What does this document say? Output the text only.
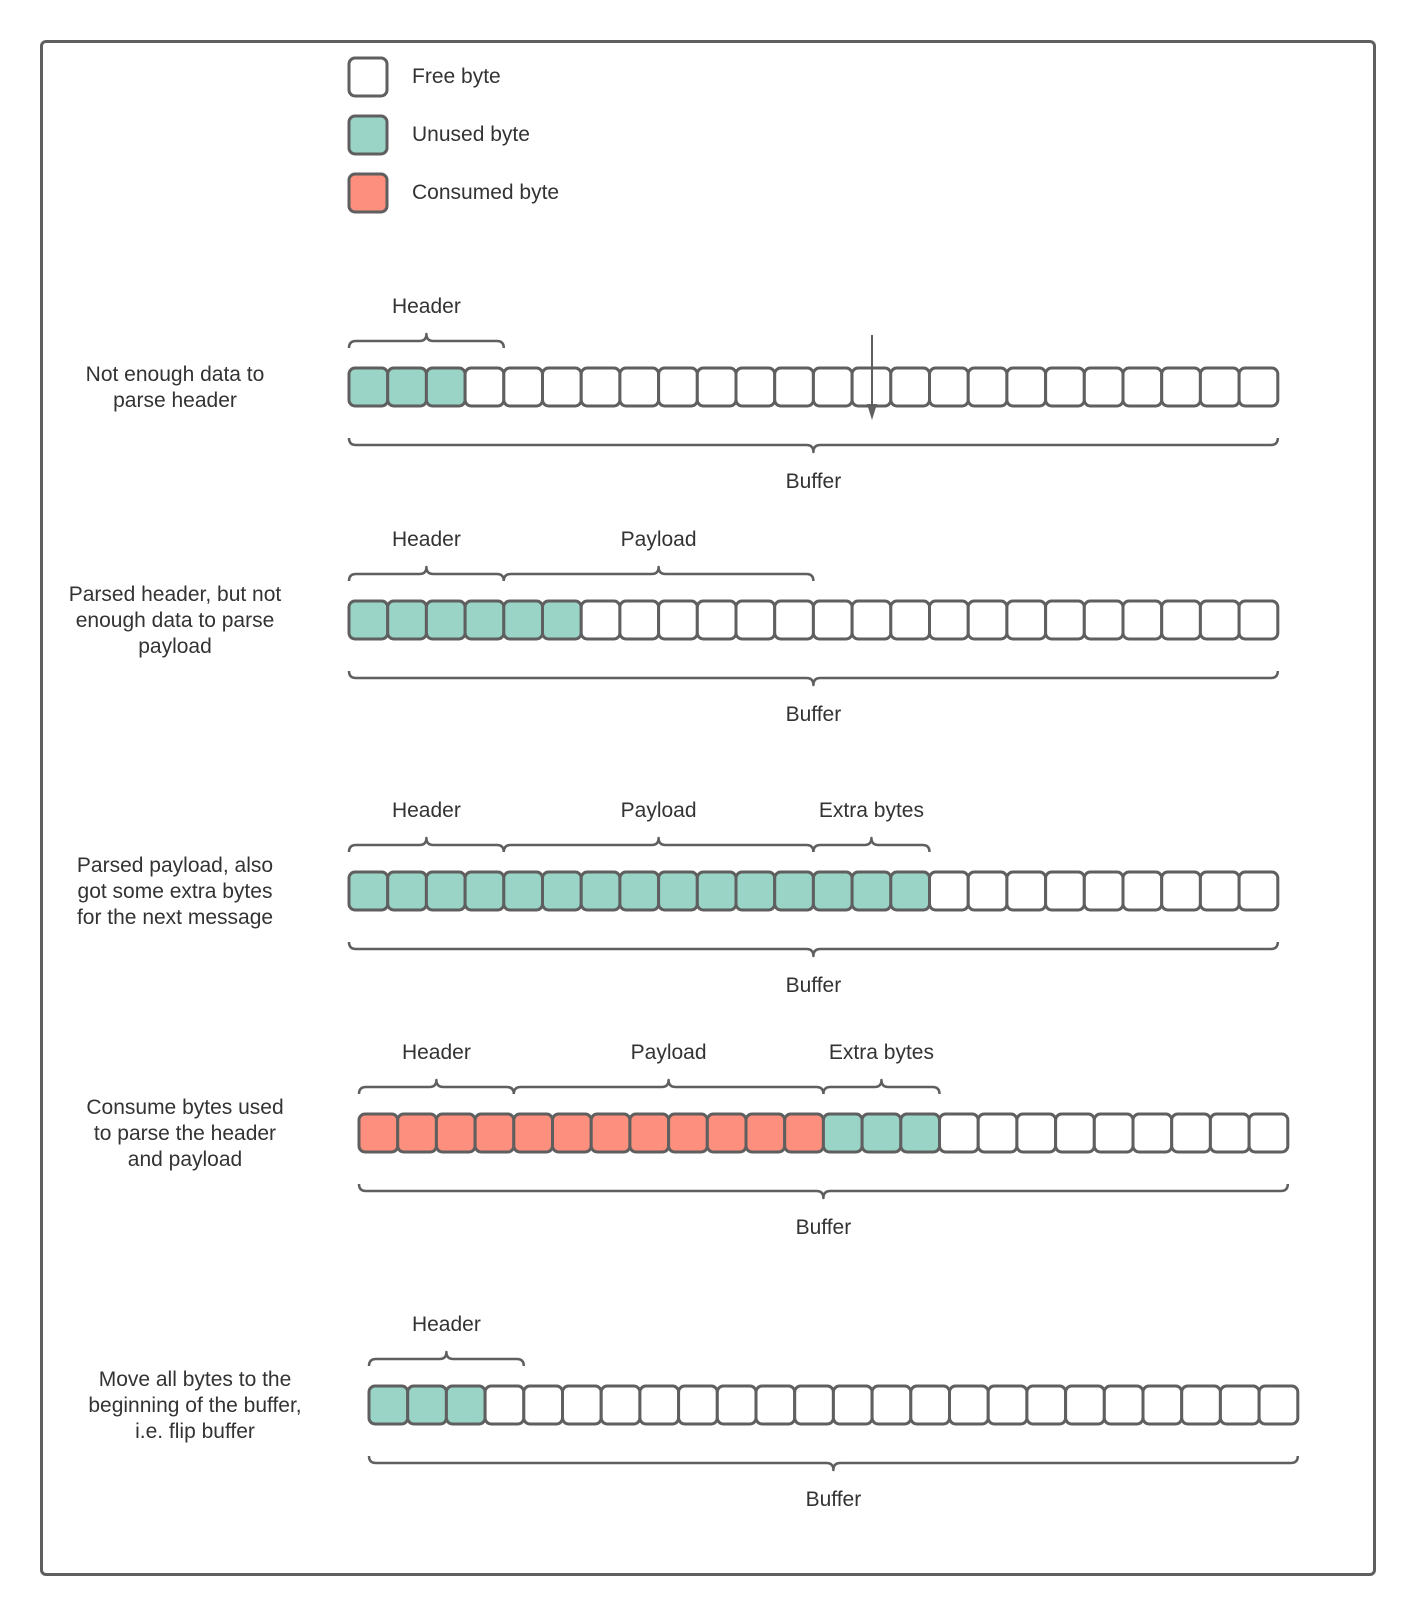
Free byte
Unused byte
Consumed byte
Not enough data to
parse header
Header
Buffer
Parsed header, but not
enough data to parse
payload
Header	Payload
Buffer
Parsed payload, also
got some extra bytes
for the next message
Header	Payload	Extra bytes
Buffer
Consume bytes used
to parse the header
and payload
Header	Payload	Extra bytes
Buffer
Move all bytes to the
beginning of the buffer,
i.e. flip buffer
Header
Buffer
